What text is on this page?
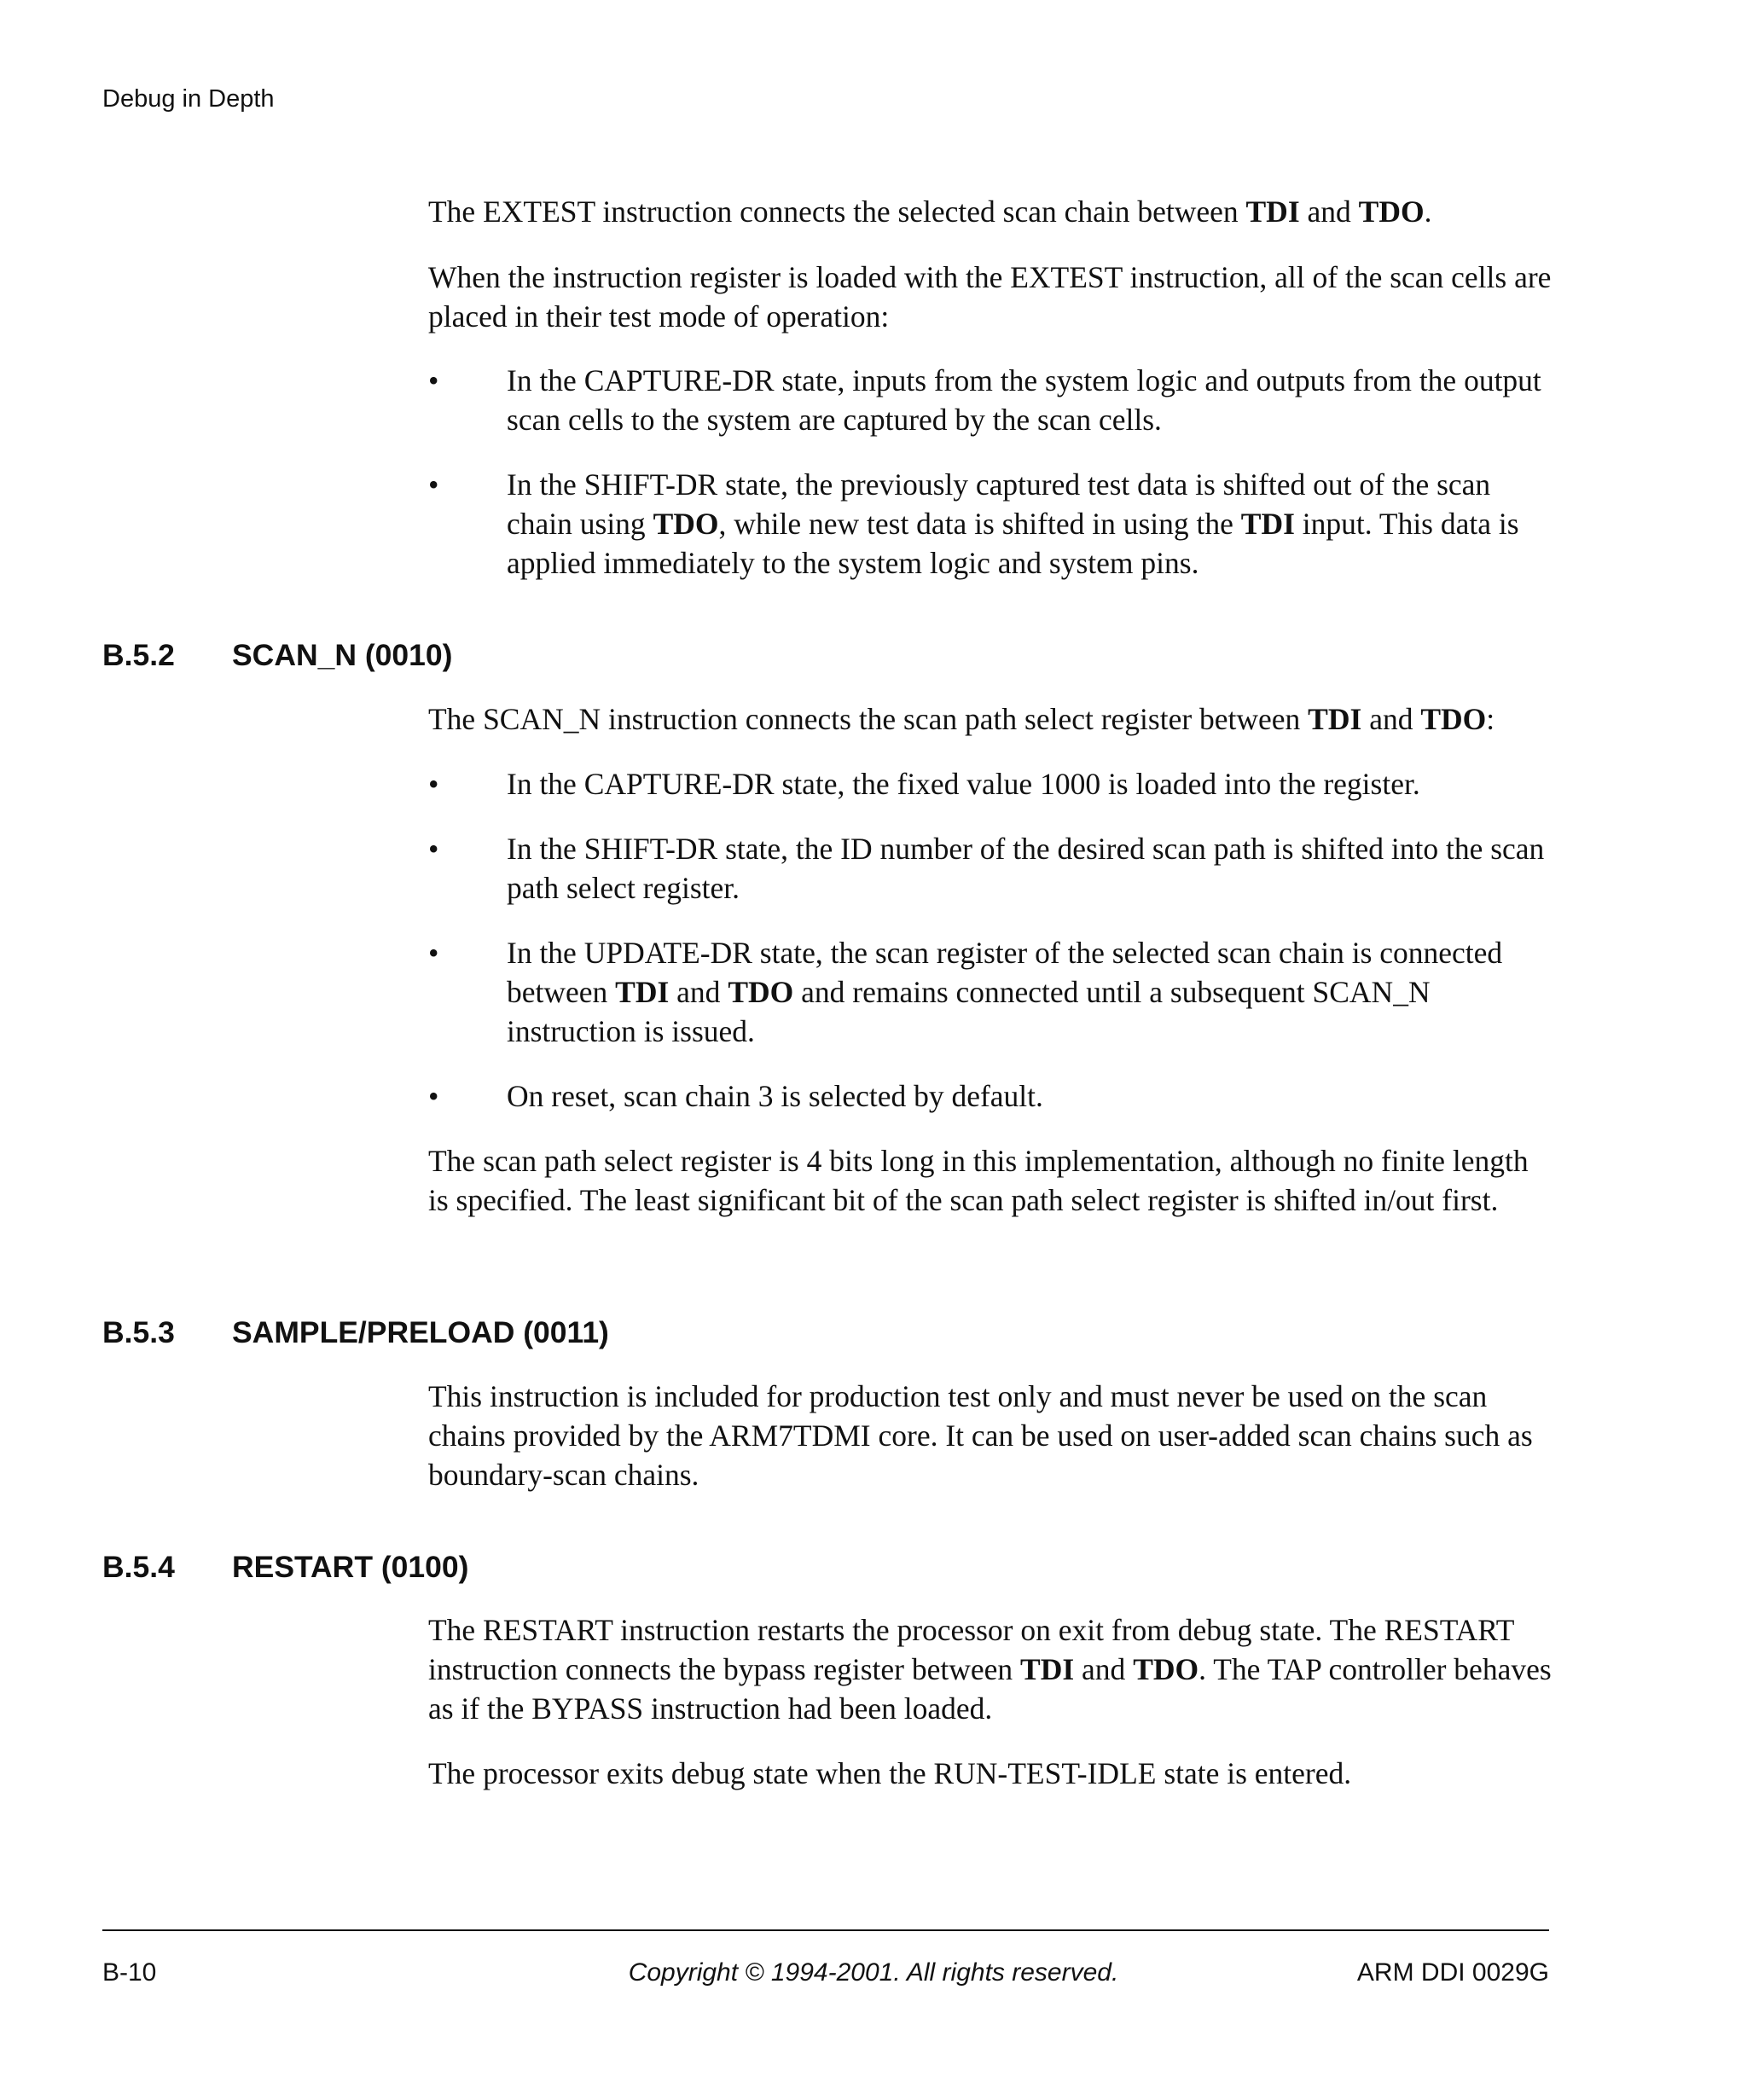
Debug in Depth

The EXTEST instruction connects the selected scan chain between TDI and TDO.

When the instruction register is loaded with the EXTEST instruction, all of the scan cells are placed in their test mode of operation:

•	In the CAPTURE-DR state, inputs from the system logic and outputs from the output scan cells to the system are captured by the scan cells.
•	In the SHIFT-DR state, the previously captured test data is shifted out of the scan chain using TDO, while new test data is shifted in using the TDI input. This data is applied immediately to the system logic and system pins.
B.5.2 SCAN_N (0010)

The SCAN_N instruction connects the scan path select register between TDI and TDO:

•	In the CAPTURE-DR state, the fixed value 1000 is loaded into the register.
•	In the SHIFT-DR state, the ID number of the desired scan path is shifted into the scan path select register.
•	In the UPDATE-DR state, the scan register of the selected scan chain is connected between TDI and TDO and remains connected until a subsequent SCAN_N instruction is issued.
•	On reset, scan chain 3 is selected by default.

The scan path select register is 4 bits long in this implementation, although no finite length is specified. The least significant bit of the scan path select register is shifted in/out first.

B.5.3 SAMPLE/PRELOAD (0011)

This instruction is included for production test only and must never be used on the scan chains provided by the ARM7TDMI core. It can be used on user-added scan chains such as boundary-scan chains.

B.5.4 RESTART (0100)

The RESTART instruction restarts the processor on exit from debug state. The RESTART instruction connects the bypass register between TDI and TDO. The TAP controller behaves as if the BYPASS instruction had been loaded.

The processor exits debug state when the RUN-TEST-IDLE state is entered.

B-10	Copyright © 1994-2001. All rights reserved.	ARM DDI 0029G
